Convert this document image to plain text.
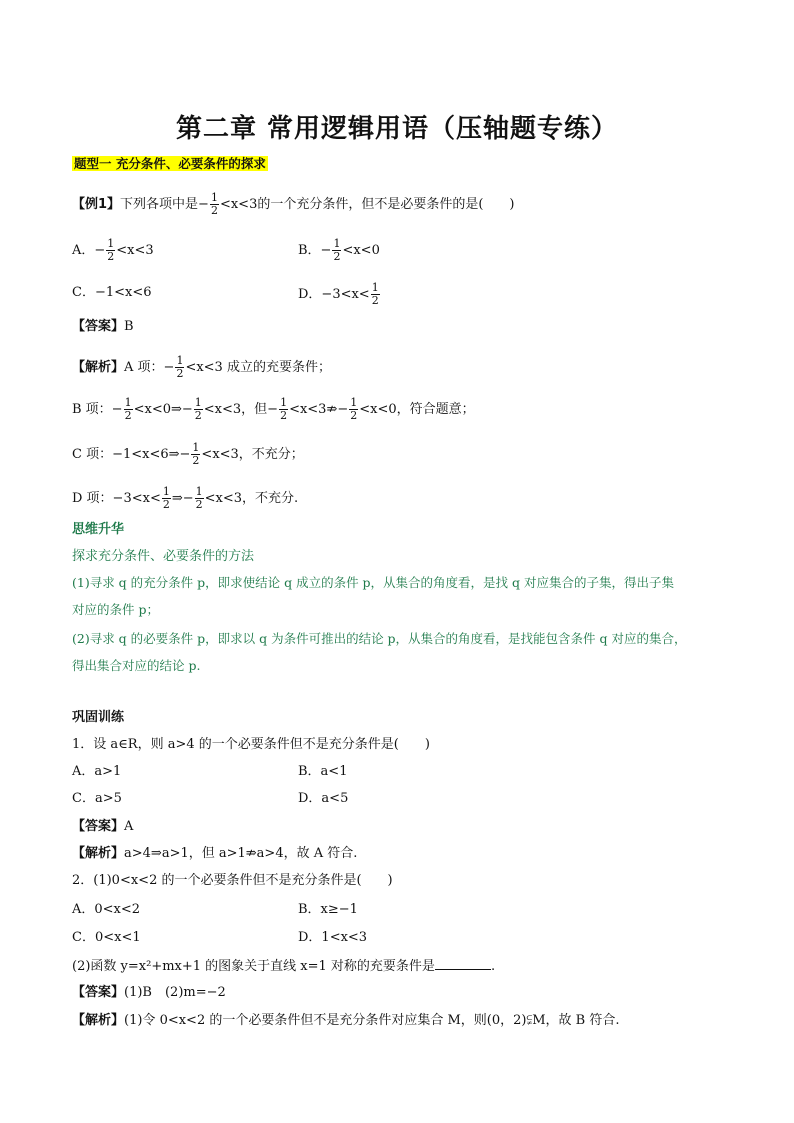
第二章 常用逻辑用语（压轴题专练）
题型一 充分条件、必要条件的探求
【例1】下列各项中是− $\frac{1}{2} <x<3$的一个充分条件，但不是必要条件的是(　　)
A．− $\frac{1}{2} <x<3$	B．− $\frac{1}{2} <x<0$
C．−1<x<6	D．$-3<x< \frac{1}{2}$
【答案】B
【解析】A 项：− $\frac{1}{2} <x<3$ 成立的充要条件；
B 项：− $\frac{1}{2}$ <x<0⇒− $\frac{1}{2} <x<3$，但− $\frac{1}{2}$ <x<3⇏− $\frac{1}{2} <x<0$，符合题意；
C 项：−1<x<6⇒− $\frac{1}{2} <x<3$，不充分；
D 项：$-3<x< \frac{1}{2}$ ⇒− $\frac{1}{2} <x<3$，不充分.
思维升华
探求充分条件、必要条件的方法
(1)寻求 q 的充分条件 p，即求使结论 q 成立的条件 p，从集合的角度看，是找 q 对应集合的子集，得出子集
对应的条件 p；
(2)寻求 q 的必要条件 p，即求以 q 为条件可推出的结论 p，从集合的角度看，是找能包含条件 q 对应的集合，
得出集合对应的结论 p.
巩固训练
1．设 a∈R，则 a>4 的一个必要条件但不是充分条件是(　　)
A．a>1	B．a<1
C．a>5	D．a<5
【答案】A
【解析】a>4⇒a>1，但 a>1⇏a>4，故 A 符合.
2．(1)0<x<2 的一个必要条件但不是充分条件是(　　)
A．0<x<2	B．x≥−1
C．0<x<1	D．1<x<3
(2)函数 y=x²+mx+1 的图象关于直线 x=1 对称的充要条件是	.
【答案】(1)B　(2)m=−2
【解析】(1)令 0<x<2 的一个必要条件但不是充分条件对应集合 M，则(0，2)⫋M，故 B 符合.
